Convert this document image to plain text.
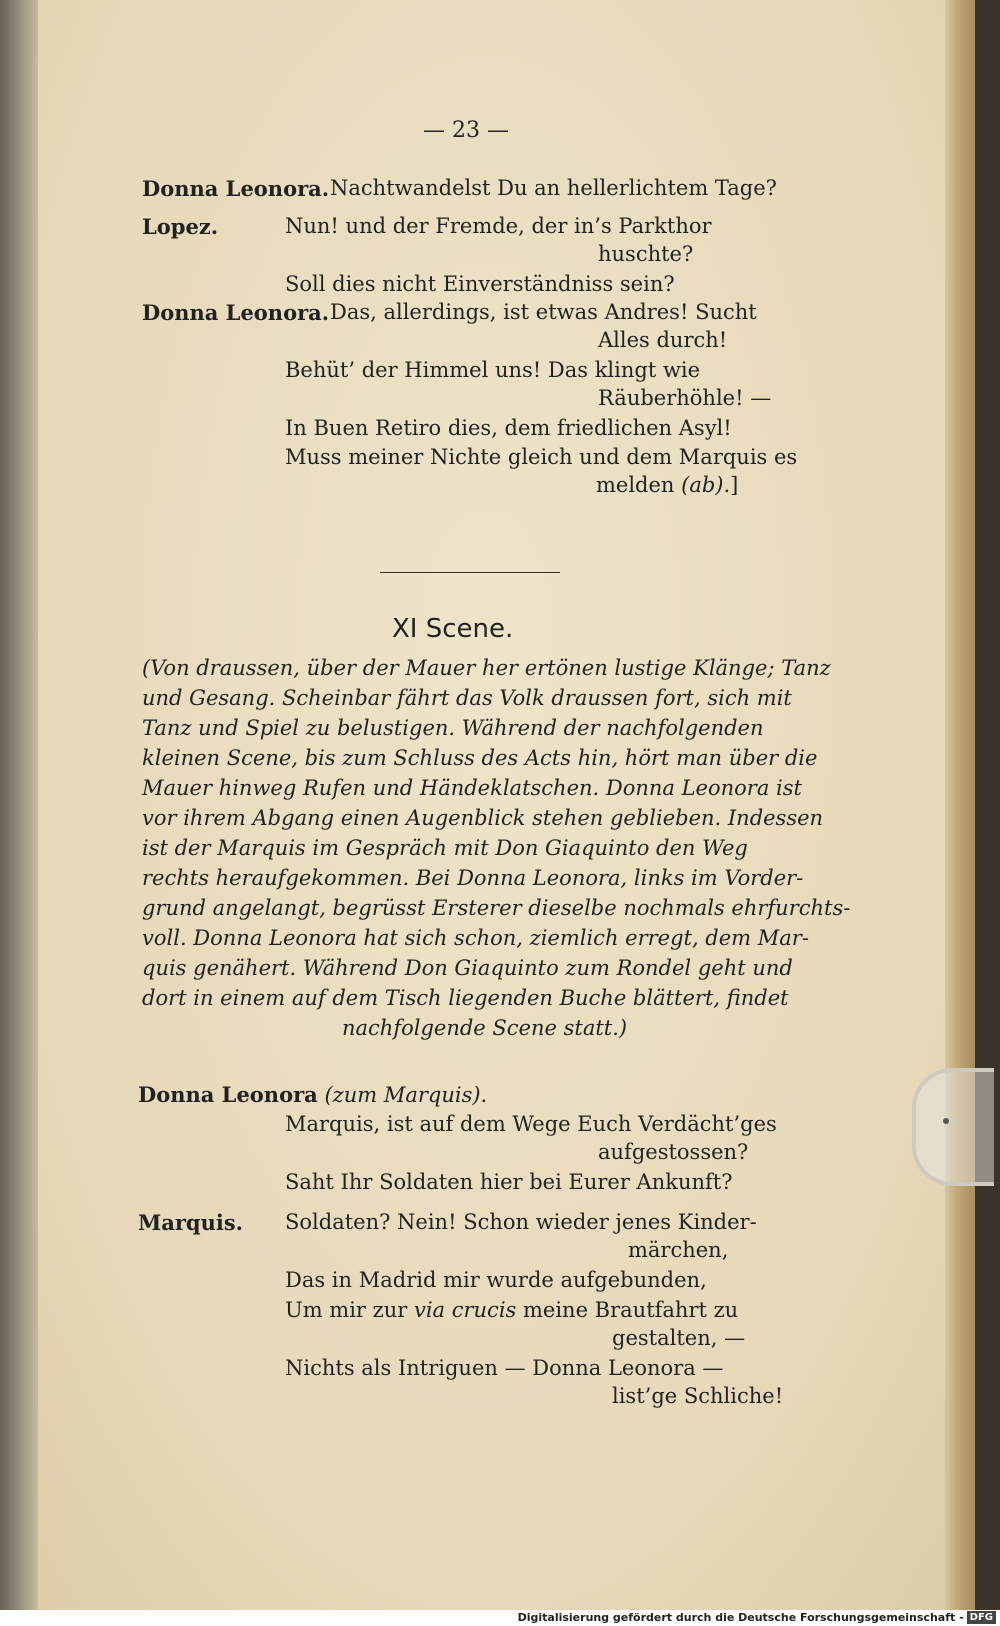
— 23 —
Donna Leonora. Nachtwandelst Du an hellerlichtem Tage?
Lopez.	Nun! und der Fremde, der in’s Parkthor
huschte?
Soll dies nicht Einverständniss sein?
Donna Leonora. Das, allerdings, ist etwas Andres! Sucht
Alles durch!
Behüt’ der Himmel uns! Das klingt wie
Räuberhöhle! —
In Buen Retiro dies, dem friedlichen Asyl!
Muss meiner Nichte gleich und dem Marquis es
melden (ab).]
XI Scene.
(Von draussen, über der Mauer her ertönen lustige Klänge; Tanz
und Gesang. Scheinbar fährt das Volk draussen fort, sich mit
Tanz und Spiel zu belustigen. Während der nachfolgenden
kleinen Scene, bis zum Schluss des Acts hin, hört man über die
Mauer hinweg Rufen und Händeklatschen. Donna Leonora ist
vor ihrem Abgang einen Augenblick stehen geblieben. Indessen
ist der Marquis im Gespräch mit Don Giaquinto den Weg
rechts heraufgekommen. Bei Donna Leonora, links im Vorder-
grund angelangt, begrüsst Ersterer dieselbe nochmals ehrfurchts-
voll. Donna Leonora hat sich schon, ziemlich erregt, dem Mar-
quis genähert. Während Don Giaquinto zum Rondel geht und
dort in einem auf dem Tisch liegenden Buche blättert, findet
nachfolgende Scene statt.)
Donna Leonora (zum Marquis).
Marquis, ist auf dem Wege Euch Verdächt’ges
aufgestossen?
Saht Ihr Soldaten hier bei Eurer Ankunft?
Marquis. Soldaten? Nein! Schon wieder jenes Kinder-
märchen,
Das in Madrid mir wurde aufgebunden,
Um mir zur via crucis meine Brautfahrt zu
gestalten, —
Nichts als Intriguen — Donna Leonora —
list’ge Schliche!
Digitalisierung gefördert durch die Deutsche Forschungsgemeinschaft - DFG
